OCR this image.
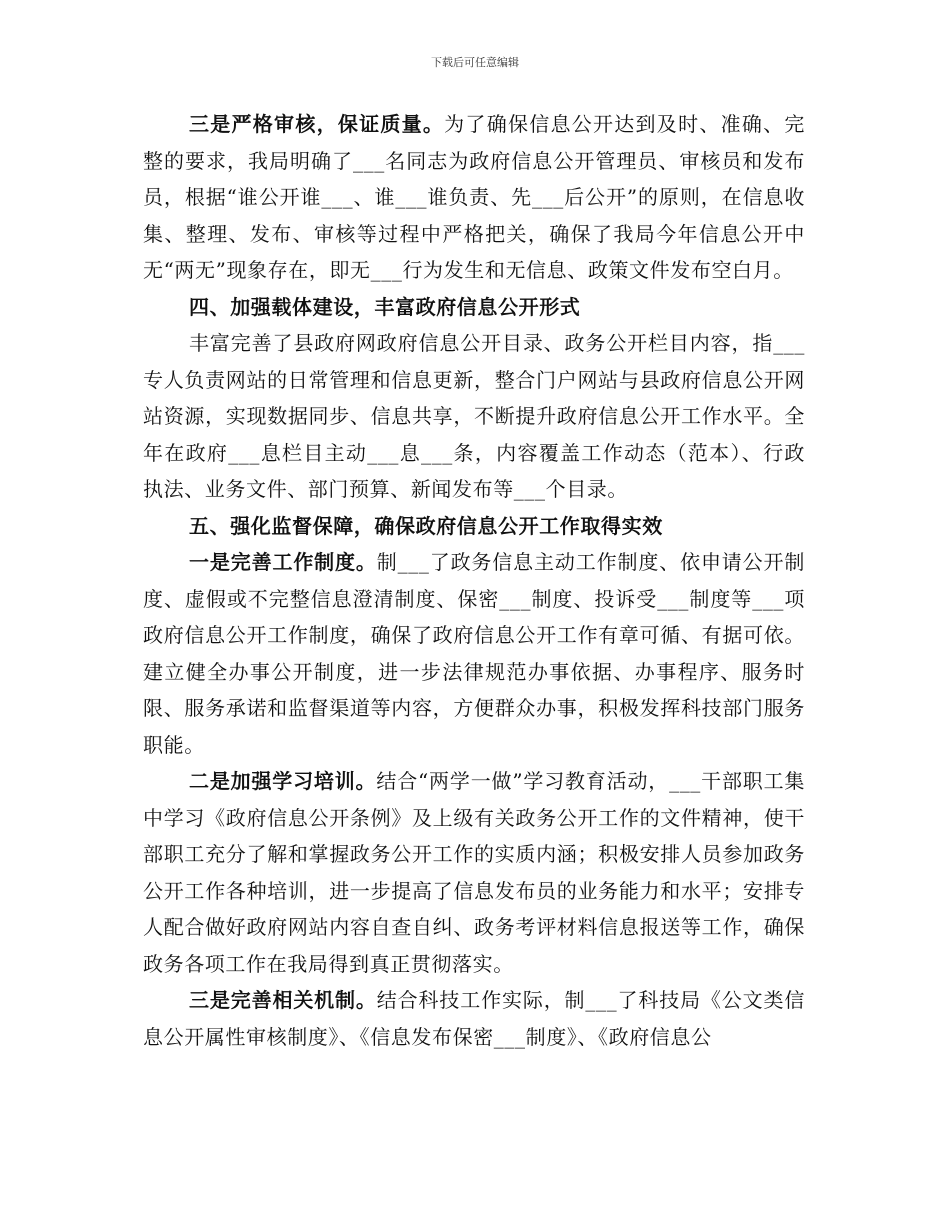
下载后可任意编辑

三是严格审核，保证质量。为了确保信息公开达到及时、准确、完整的要求，我局明确了___名同志为政府信息公开管理员、审核员和发布员，根据“谁公开谁___、谁___谁负责、先___后公开”的原则，在信息收集、整理、发布、审核等过程中严格把关，确保了我局今年信息公开中无“两无”现象存在，即无___行为发生和无信息、政策文件发布空白月。

四、加强载体建设，丰富政府信息公开形式

丰富完善了县政府网政府信息公开目录、政务公开栏目内容，指___专人负责网站的日常管理和信息更新，整合门户网站与县政府信息公开网站资源，实现数据同步、信息共享，不断提升政府信息公开工作水平。全年在政府___息栏目主动___息___条，内容覆盖工作动态（范本）、行政执法、业务文件、部门预算、新闻发布等___个目录。

五、强化监督保障，确保政府信息公开工作取得实效

一是完善工作制度。制___了政务信息主动工作制度、依申请公开制度、虚假或不完整信息澄清制度、保密___制度、投诉受___制度等___项政府信息公开工作制度，确保了政府信息公开工作有章可循、有据可依。建立健全办事公开制度，进一步法律规范办事依据、办事程序、服务时限、服务承诺和监督渠道等内容，方便群众办事，积极发挥科技部门服务职能。

二是加强学习培训。结合“两学一做”学习教育活动，___干部职工集中学习《政府信息公开条例》及上级有关政务公开工作的文件精神，使干部职工充分了解和掌握政务公开工作的实质内涵；积极安排人员参加政务公开工作各种培训，进一步提高了信息发布员的业务能力和水平；安排专人配合做好政府网站内容自查自纠、政务考评材料信息报送等工作，确保政务各项工作在我局得到真正贯彻落实。

三是完善相关机制。结合科技工作实际，制___了科技局《公文类信息公开属性审核制度》、《信息发布保密___制度》、《政府信息公
